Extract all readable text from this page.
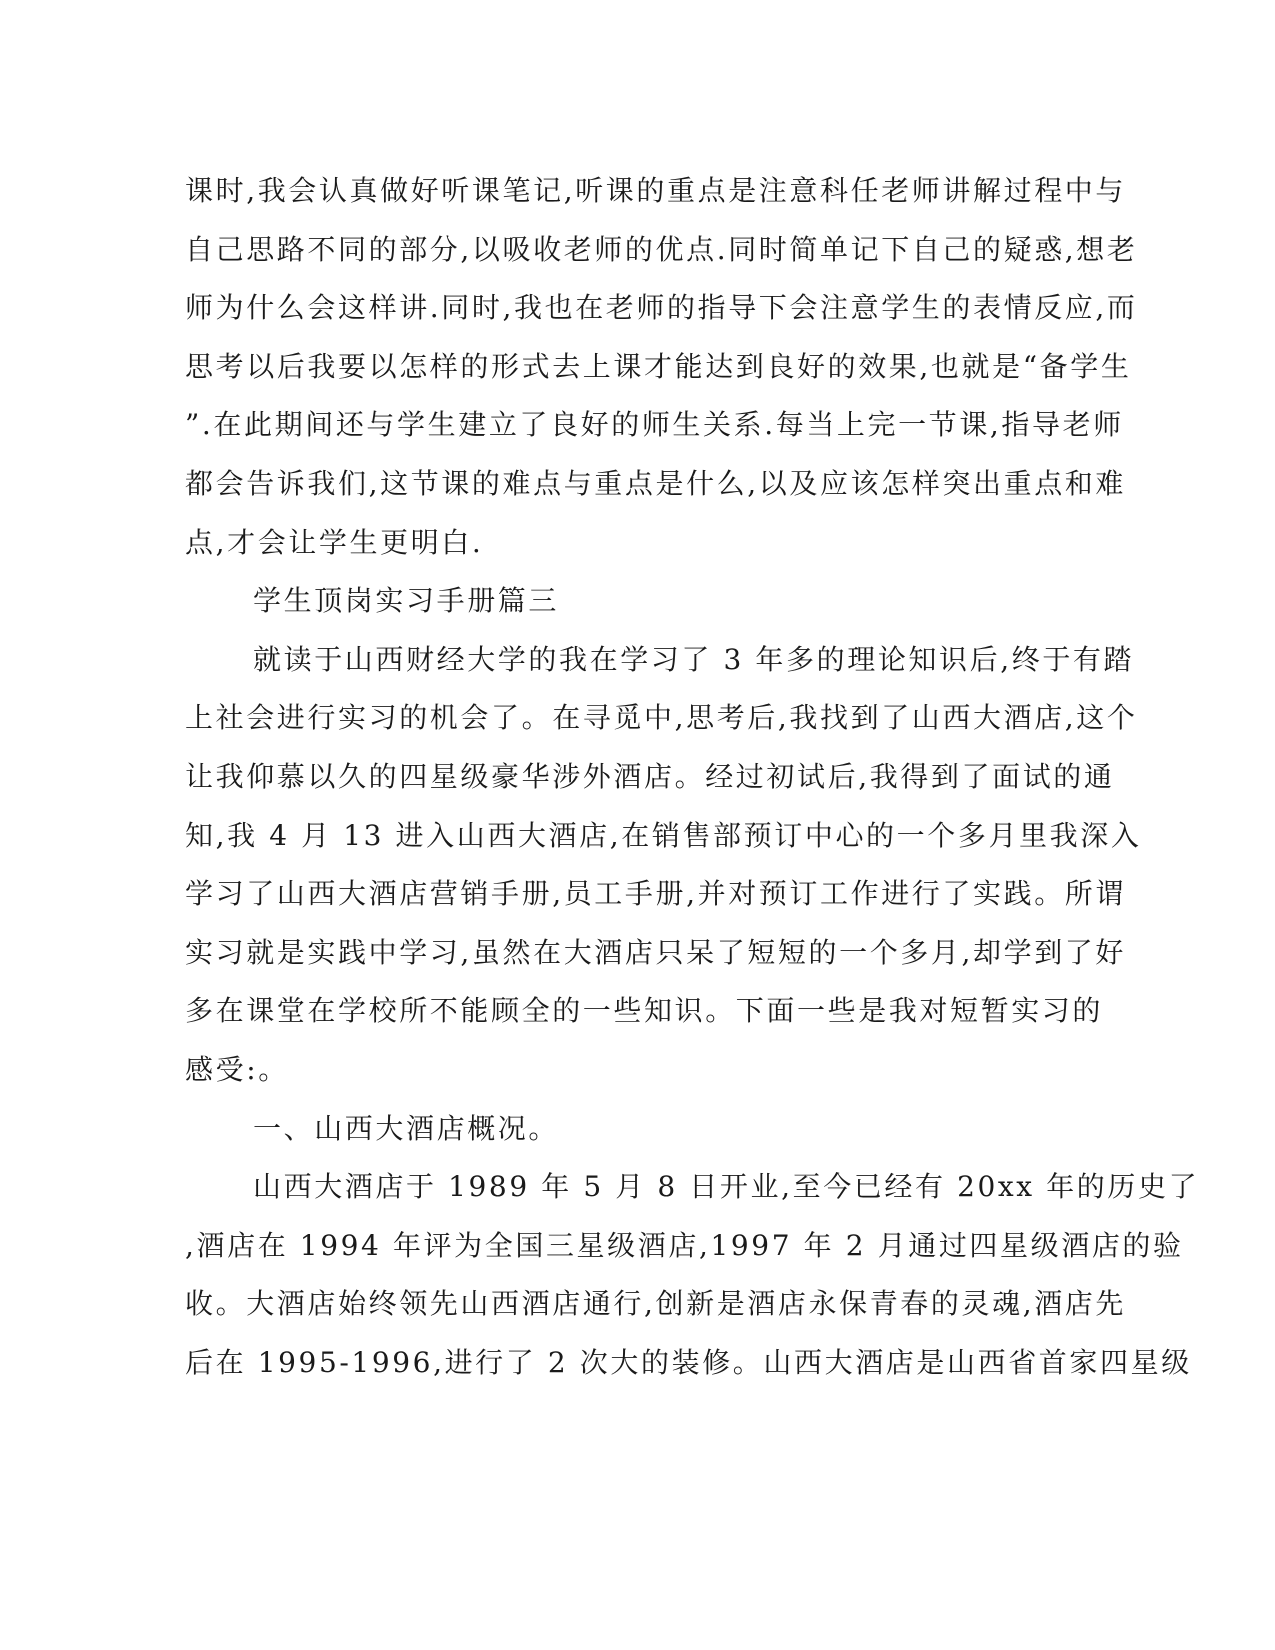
课时,我会认真做好听课笔记,听课的重点是注意科任老师讲解过程中与
自己思路不同的部分,以吸收老师的优点.同时简单记下自己的疑惑,想老
师为什么会这样讲.同时,我也在老师的指导下会注意学生的表情反应,而
思考以后我要以怎样的形式去上课才能达到良好的效果,也就是“备学生
”.在此期间还与学生建立了良好的师生关系.每当上完一节课,指导老师
都会告诉我们,这节课的难点与重点是什么,以及应该怎样突出重点和难
点,才会让学生更明白.
学生顶岗实习手册篇三
就读于山西财经大学的我在学习了 3 年多的理论知识后,终于有踏
上社会进行实习的机会了。在寻觅中,思考后,我找到了山西大酒店,这个
让我仰慕以久的四星级豪华涉外酒店。经过初试后,我得到了面试的通
知,我 4 月 13 进入山西大酒店,在销售部预订中心的一个多月里我深入
学习了山西大酒店营销手册,员工手册,并对预订工作进行了实践。所谓
实习就是实践中学习,虽然在大酒店只呆了短短的一个多月,却学到了好
多在课堂在学校所不能顾全的一些知识。下面一些是我对短暂实习的
感受:。
一、山西大酒店概况。
山西大酒店于 1989 年 5 月 8 日开业,至今已经有 20xx 年的历史了
,酒店在 1994 年评为全国三星级酒店,1997 年 2 月通过四星级酒店的验
收。大酒店始终领先山西酒店通行,创新是酒店永保青春的灵魂,酒店先
后在 1995-1996,进行了 2 次大的装修。山西大酒店是山西省首家四星级
